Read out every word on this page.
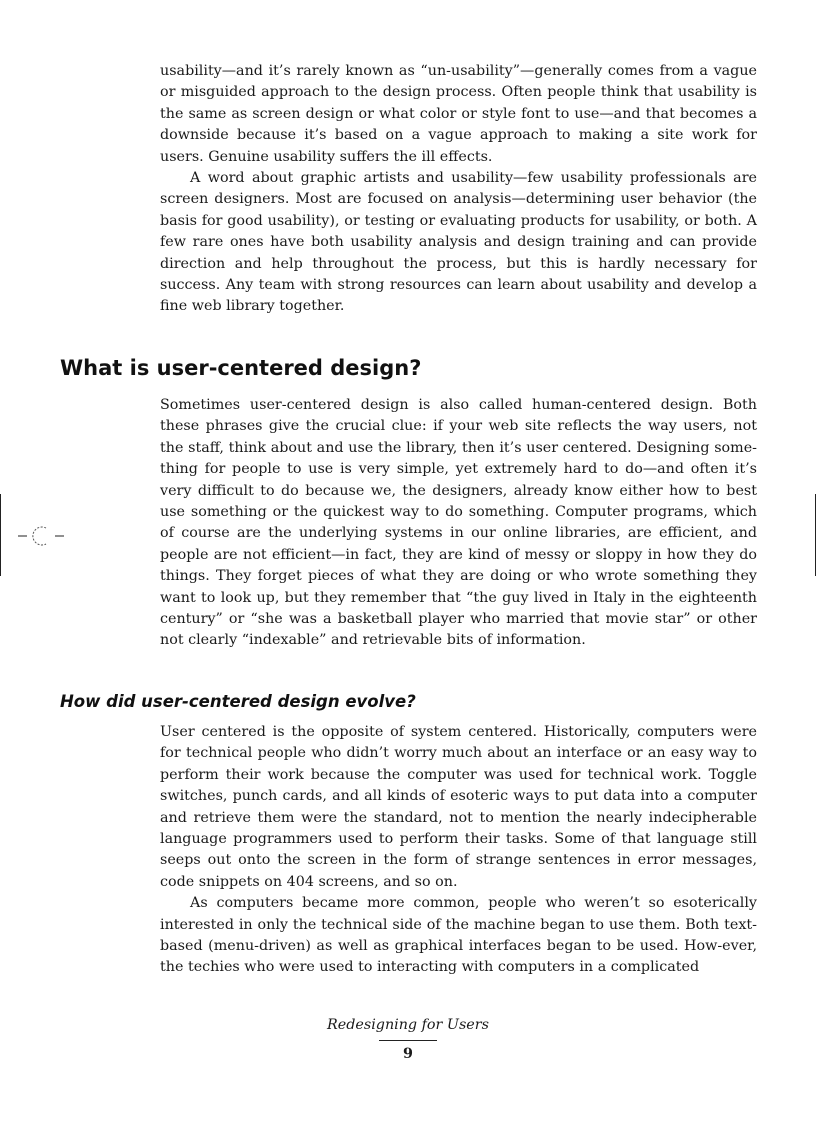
usability—and it’s rarely known as “un-usability”—generally comes from a vague or misguided approach to the design process. Often people think that usability is the same as screen design or what color or style font to use—and that becomes a downside because it’s based on a vague approach to making a site work for users. Genuine usability suffers the ill effects.

A word about graphic artists and usability—few usability professionals are screen designers. Most are focused on analysis—determining user behavior (the basis for good usability), or testing or evaluating products for usability, or both. A few rare ones have both usability analysis and design training and can provide direction and help throughout the process, but this is hardly necessary for success. Any team with strong resources can learn about usability and develop a fine web library together.

What is user-centered design?

Sometimes user-centered design is also called human-centered design. Both these phrases give the crucial clue: if your web site reflects the way users, not the staff, think about and use the library, then it’s user centered. Designing some-thing for people to use is very simple, yet extremely hard to do—and often it’s very difficult to do because we, the designers, already know either how to best use something or the quickest way to do something. Computer programs, which of course are the underlying systems in our online libraries, are efficient, and people are not efficient—in fact, they are kind of messy or sloppy in how they do things. They forget pieces of what they are doing or who wrote something they want to look up, but they remember that “the guy lived in Italy in the eighteenth century” or “she was a basketball player who married that movie star” or other not clearly “indexable” and retrievable bits of information.

How did user-centered design evolve?

User centered is the opposite of system centered. Historically, computers were for technical people who didn’t worry much about an interface or an easy way to perform their work because the computer was used for technical work. Toggle switches, punch cards, and all kinds of esoteric ways to put data into a computer and retrieve them were the standard, not to mention the nearly indecipherable language programmers used to perform their tasks. Some of that language still seeps out onto the screen in the form of strange sentences in error messages, code snippets on 404 screens, and so on.

As computers became more common, people who weren’t so esoterically interested in only the technical side of the machine began to use them. Both text-based (menu-driven) as well as graphical interfaces began to be used. How-ever, the techies who were used to interacting with computers in a complicated

Redesigning for Users
9
